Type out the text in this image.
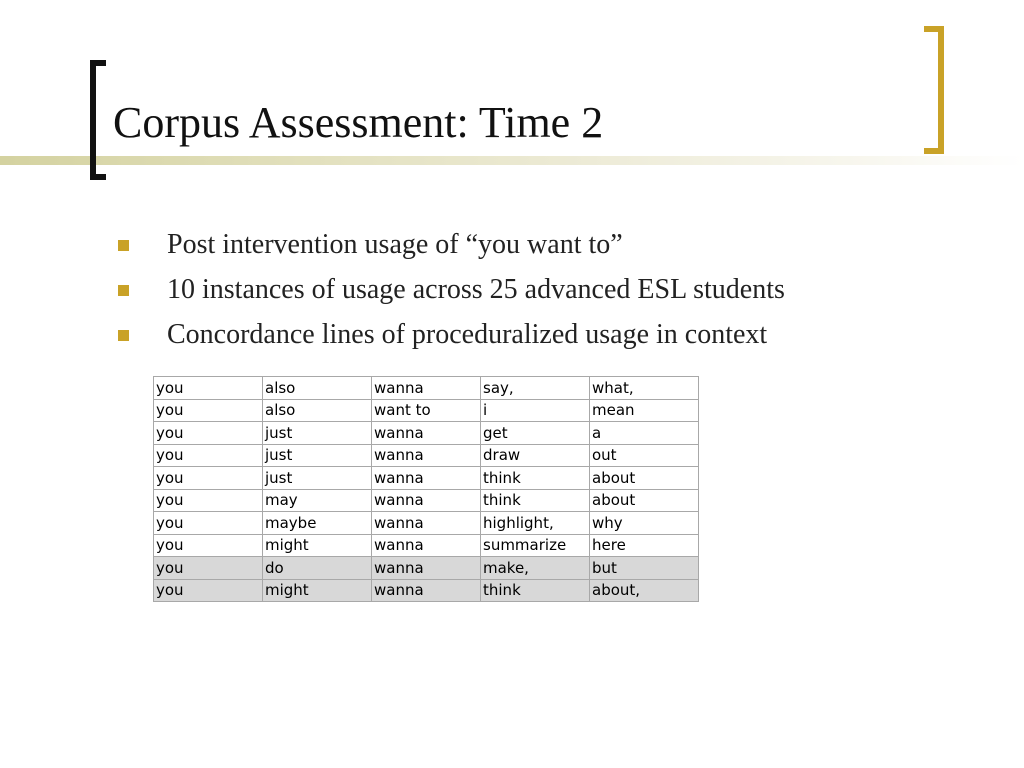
Corpus Assessment: Time 2
Post intervention usage of “you want to”
10 instances of usage across 25 advanced ESL students
Concordance lines of proceduralized usage in context
you	also	wanna	say,	what,
you	also	want to	i	mean
you	just	wanna	get	a
you	just	wanna	draw	out
you	just	wanna	think	about
you	may	wanna	think	about
you	maybe	wanna	highlight,	why
you	might	wanna	summarize	here
you	do	wanna	make,	but
you	might	wanna	think	about,
